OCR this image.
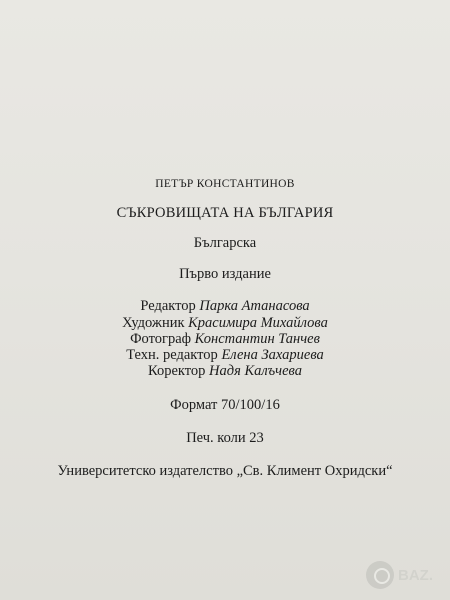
ПЕТЪР КОНСТАНТИНОВ
СЪКРОВИЩАТА НА БЪЛГАРИЯ
Българска
Първо издание
Редактор Парка Атанасова
Художник Красимира Михайлова
Фотограф Константин Танчев
Техн. редактор Елена Захариева
Коректор Надя Калъчева
Формат 70/100/16
Печ. коли 23
Университетско издателство „Св. Климент Охридски“
BAZ.
